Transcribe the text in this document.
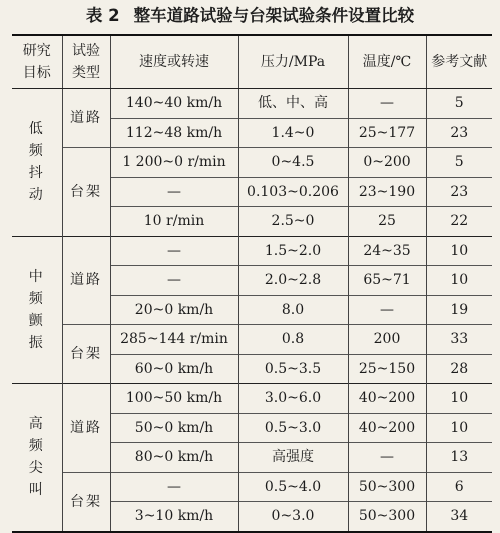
表 2 整车道路试验与台架试验条件设置比较
研究目标	试验类型	速度或转速	压力/MPa	温度/℃	参考文献
低频抖动	道路	140~40 km/h	低、中、高	—	5
		112~48 km/h	1.4~0	25~177	23
	台架	1 200~0 r/min	0~4.5	0~200	5
		—	0.103~0.206	23~190	23
		10 r/min	2.5~0	25	22
中频颤振	道路	—	1.5~2.0	24~35	10
		—	2.0~2.8	65~71	10
		20~0 km/h	8.0	—	19
	台架	285~144 r/min	0.8	200	33
		60~0 km/h	0.5~3.5	25~150	28
高频尖叫	道路	100~50 km/h	3.0~6.0	40~200	10
		50~0 km/h	0.5~3.0	40~200	10
		80~0 km/h	高强度	—	13
	台架	—	0.5~4.0	50~300	6
		3~10 km/h	0~3.0	50~300	34
